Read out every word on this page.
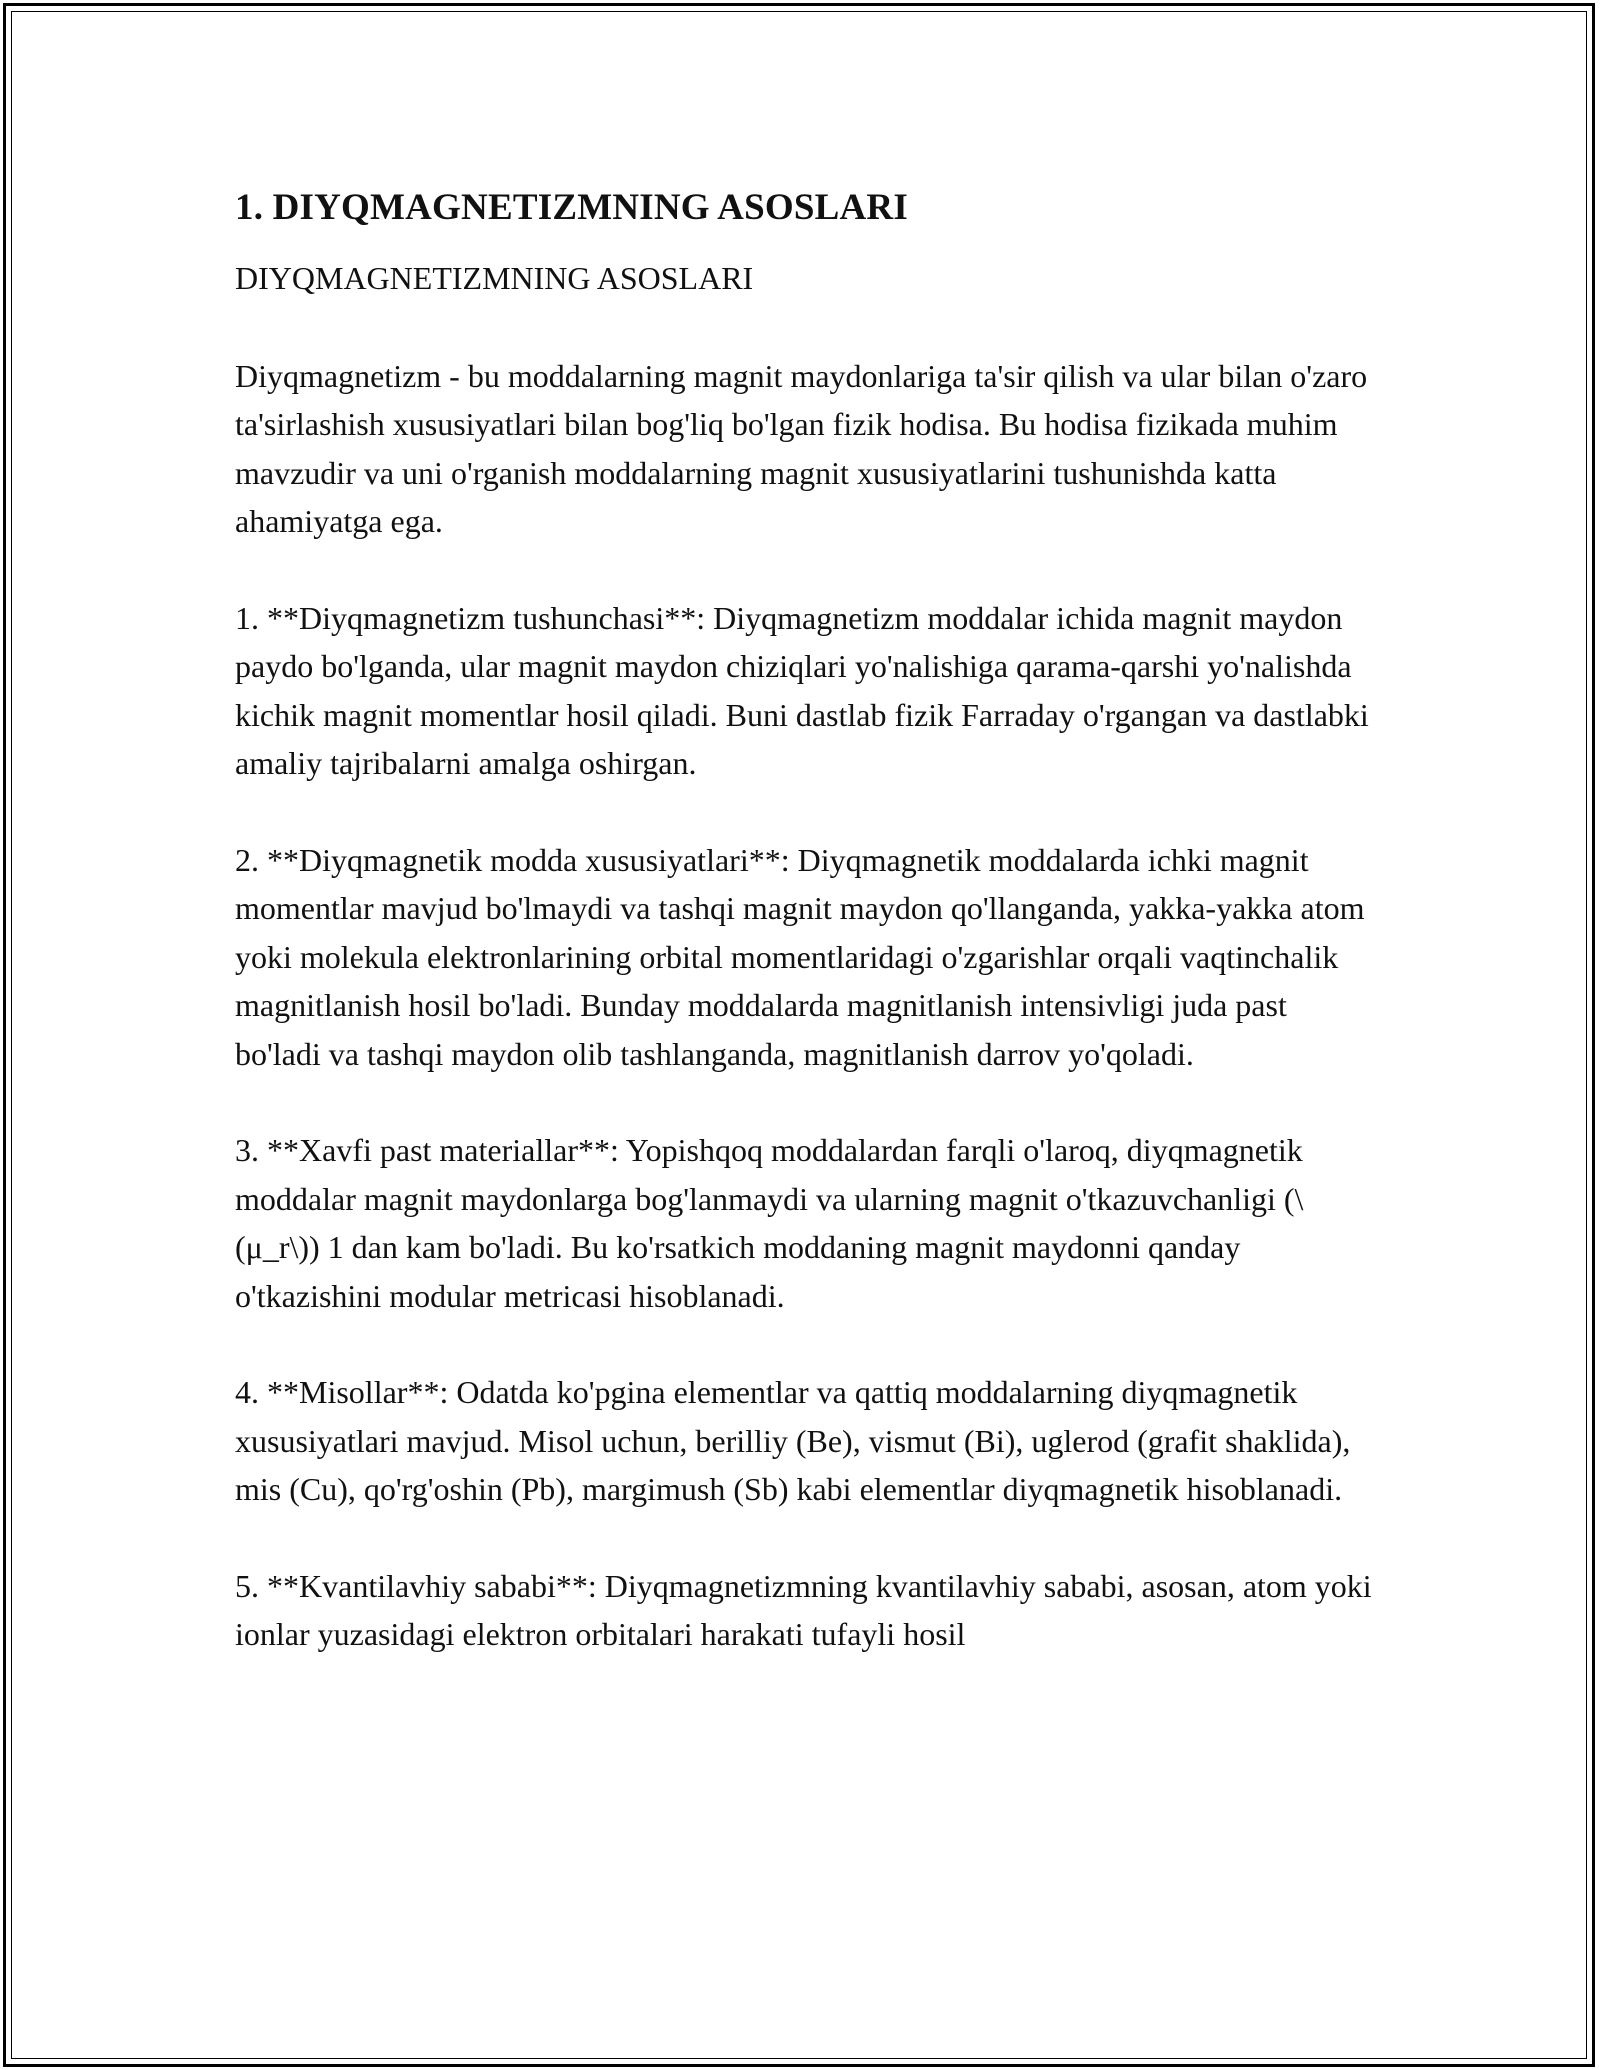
1. DIYQMAGNETIZMNING ASOSLARI
DIYQMAGNETIZMNING ASOSLARI

Diyqmagnetizm - bu moddalarning magnit maydonlariga ta'sir qilish va ular bilan o'zaro ta'sirlashish xususiyatlari bilan bog'liq bo'lgan fizik hodisa. Bu hodisa fizikada muhim mavzudir va uni o'rganish moddalarning magnit xususiyatlarini tushunishda katta ahamiyatga ega.

1. **Diyqmagnetizm tushunchasi**: Diyqmagnetizm moddalar ichida magnit maydon paydo bo'lganda, ular magnit maydon chiziqlari yo'nalishiga qarama-qarshi yo'nalishda kichik magnit momentlar hosil qiladi. Buni dastlab fizik Farraday o'rgangan va dastlabki amaliy tajribalarni amalga oshirgan.

2. **Diyqmagnetik modda xususiyatlari**: Diyqmagnetik moddalarda ichki magnit momentlar mavjud bo'lmaydi va tashqi magnit maydon qo'llanganda, yakka-yakka atom yoki molekula elektronlarining orbital momentlaridagi o'zgarishlar orqali vaqtinchalik magnitlanish hosil bo'ladi. Bunday moddalarda magnitlanish intensivligi juda past bo'ladi va tashqi maydon olib tashlanganda, magnitlanish darrov yo'qoladi.

3. **Xavfi past materiallar**: Yopishqoq moddalardan farqli o'laroq, diyqmagnetik moddalar magnit maydonlarga bog'lanmaydi va ularning magnit o'tkazuvchanligi (\(μ_r\)) 1 dan kam bo'ladi. Bu ko'rsatkich moddaning magnit maydonni qanday o'tkazishini modular metricasi hisoblanadi.

4. **Misollar**: Odatda ko'pgina elementlar va qattiq moddalarning diyqmagnetik xususiyatlari mavjud. Misol uchun, berilliy (Be), vismut (Bi), uglerod (grafit shaklida), mis (Cu), qo'rg'oshin (Pb), margimush (Sb) kabi elementlar diyqmagnetik hisoblanadi.

5. **Kvantilavhiy sababi**: Diyqmagnetizmning kvantilavhiy sababi, asosan, atom yoki ionlar yuzasidagi elektron orbitalari harakati tufayli hosil
